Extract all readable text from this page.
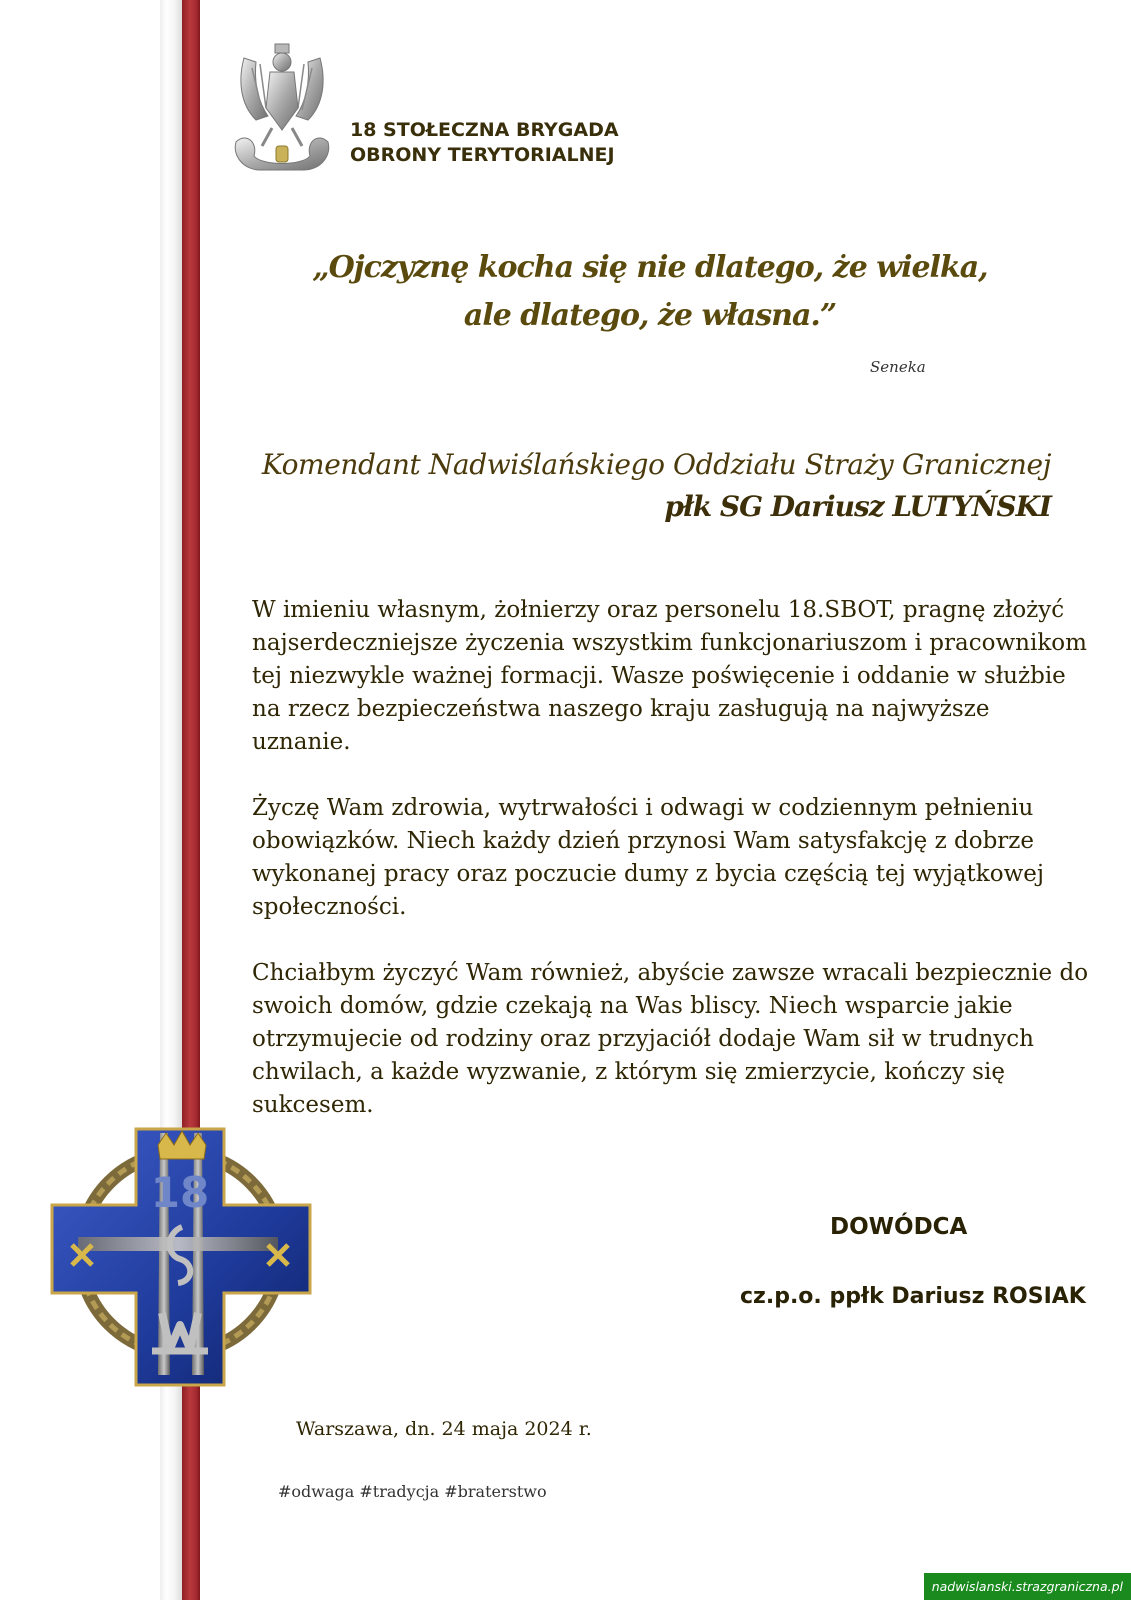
18 STOŁECZNA BRYGADA
OBRONY TERYTORIALNEJ
„Ojczyznę kocha się nie dlatego, że wielka,
ale dlatego, że własna.”
Seneka
Komendant Nadwiślańskiego Oddziału Straży Granicznej
płk SG Dariusz LUTYŃSKI

W imieniu własnym, żołnierzy oraz personelu 18.SBOT, pragnę złożyć najserdeczniejsze życzenia wszystkim funkcjonariuszom i pracownikom tej niezwykle ważnej formacji. Wasze poświęcenie i oddanie w służbie na rzecz bezpieczeństwa naszego kraju zasługują na najwyższe uznanie.

Życzę Wam zdrowia, wytrwałości i odwagi w codziennym pełnieniu obowiązków. Niech każdy dzień przynosi Wam satysfakcję z dobrze wykonanej pracy oraz poczucie dumy z bycia częścią tej wyjątkowej społeczności.

Chciałbym życzyć Wam również, abyście zawsze wracali bezpiecznie do swoich domów, gdzie czekają na Was bliscy. Niech wsparcie jakie otrzymujecie od rodziny oraz przyjaciół dodaje Wam sił w trudnych chwilach, a każde wyzwanie, z którym się zmierzycie, kończy się sukcesem.

18
DOWÓDCA
cz.p.o. ppłk Dariusz ROSIAK
Warszawa, dn. 24 maja 2024 r.
#odwaga #tradycja #braterstwo
nadwislanski.strazgraniczna.pl
